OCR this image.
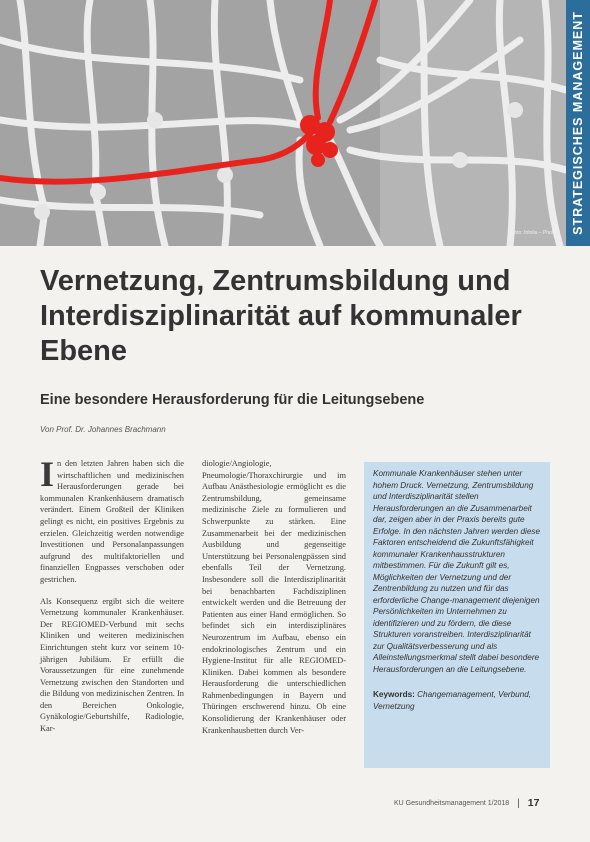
Foto: fotolia – Photo STRATEGISCHES MANAGEMENT
Vernetzung, Zentrumsbildung und Interdisziplinarität auf kommunaler Ebene
Eine besondere Herausforderung für die Leitungsebene
Von Prof. Dr. Johannes Brachmann

In den letzten Jahren haben sich die wirtschaftlichen und medizinischen Herausforderungen gerade bei kommunalen Krankenhäusern dramatisch verändert. Einem Großteil der Kliniken gelingt es nicht, ein positives Ergebnis zu erzielen. Gleichzeitig werden notwendige Investitionen und Personalanpassungen aufgrund des multifaktoriellen und finanziellen Engpasses verschoben oder gestrichen.

Als Konsequenz ergibt sich die weitere Vernetzung kommunaler Krankenhäuser. Der REGIOMED-Verbund mit sechs Kliniken und weiteren medizinischen Einrichtungen steht kurz vor seinem 10-jährigen Jubiläum. Er erfüllt die Voraussetzungen für eine zunehmende Vernetzung zwischen den Standorten und die Bildung von medizinischen Zentren. In den Bereichen Onkologie, Gynäkologie/Geburtshilfe, Radiologie, Kar-

diologie/Angiologie, Pneumologie/Thoraxchirurgie und im Aufbau Anästhesiologie ermöglicht es die Zentrumsbildung, gemeinsame medizinische Ziele zu formulieren und Schwerpunkte zu stärken. Eine Zusammenarbeit bei der medizinischen Ausbildung und gegenseitige Unterstützung bei Personalengpässen sind ebenfalls Teil der Vernetzung. Insbesondere soll die Interdisziplinarität bei benachbarten Fachdisziplinen entwickelt werden und die Betreuung der Patienten aus einer Hand ermöglichen. So befindet sich ein interdisziplinäres Neurozentrum im Aufbau, ebenso ein endokrinologisches Zentrum und ein Hygiene-Institut für alle REGIOMED-Kliniken. Dabei kommen als besondere Herausforderung die unterschiedlichen Rahmenbedingungen in Bayern und Thüringen erschwerend hinzu. Ob eine Konsolidierung der Krankenhäuser oder Krankenhausbetten durch Ver-

Kommunale Krankenhäuser stehen unter hohem Druck. Vernetzung, Zentrumsbildung und Interdisziplinarität stellen Herausforderungen an die Zusammenarbeit dar, zeigen aber in der Praxis bereits gute Erfolge. In den nächsten Jahren werden diese Faktoren entscheidend die Zukunftsfähigkeit kommunaler Krankenhausstrukturen mitbestimmen. Für die Zukunft gilt es, Möglichkeiten der Vernetzung und der Zentrenbildung zu nutzen und für das erforderliche Change-management diejenigen Persönlichkeiten im Unternehmen zu identifizieren und zu fördern, die diese Strukturen voranstreiben. Interdisziplinarität zur Qualitätsverbesserung und als Alleinstellungsmerkmal stellt dabei besondere Herausforderungen an die Leitungsebene.

Keywords: Changemanagement, Verbund, Vernetzung

KU Gesundheitsmanagement 1/2018 | 17
